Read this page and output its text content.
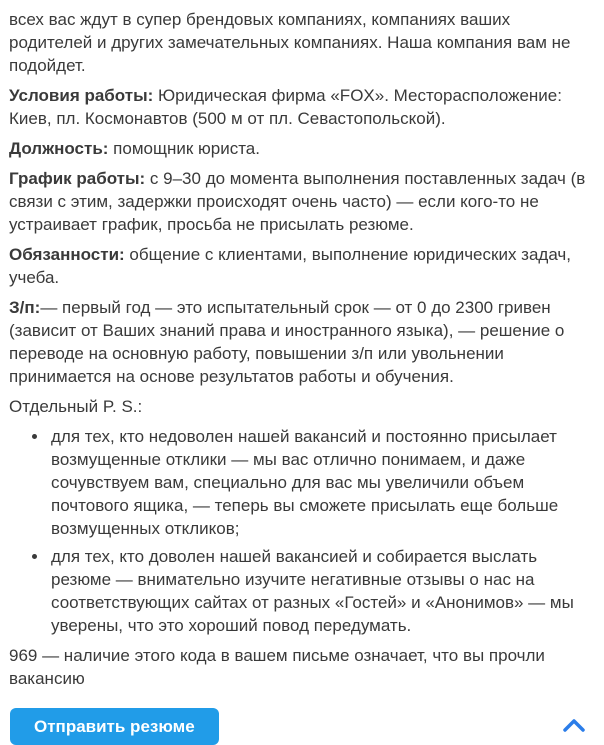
всех вас ждут в супер брендовых компаниях, компаниях ваших родителей и других замечательных компаниях. Наша компания вам не подойдет.

Условия работы: Юридическая фирма «FOX». Месторасположение: Киев, пл. Космонавтов (500 м от пл. Севастопольской).

Должность: помощник юриста.

График работы: с 9–30 до момента выполнения поставленных задач (в связи с этим, задержки происходят очень часто) — если кого-то не устраивает график, просьба не присылать резюме.

Обязанности: общение с клиентами, выполнение юридических задач, учеба.

З/п:— первый год — это испытательный срок — от 0 до 2300 гривен (зависит от Ваших знаний права и иностранного языка), — решение о переводе на основную работу, повышении з/п или увольнении принимается на основе результатов работы и обучения.

Отдельный P. S.:

• для тех, кто недоволен нашей вакансий и постоянно присылает возмущенные отклики — мы вас отлично понимаем, и даже сочувствуем вам, специально для вас мы увеличили объем почтового ящика, — теперь вы сможете присылать еще больше возмущенных откликов;
• для тех, кто доволен нашей вакансией и собирается выслать резюме — внимательно изучите негативные отзывы о нас на соответствующих сайтах от разных «Гостей» и «Анонимов» — мы уверены, что это хороший повод передумать.

969 — наличие этого кода в вашем письме означает, что вы прочли вакансию

Отправить резюме
